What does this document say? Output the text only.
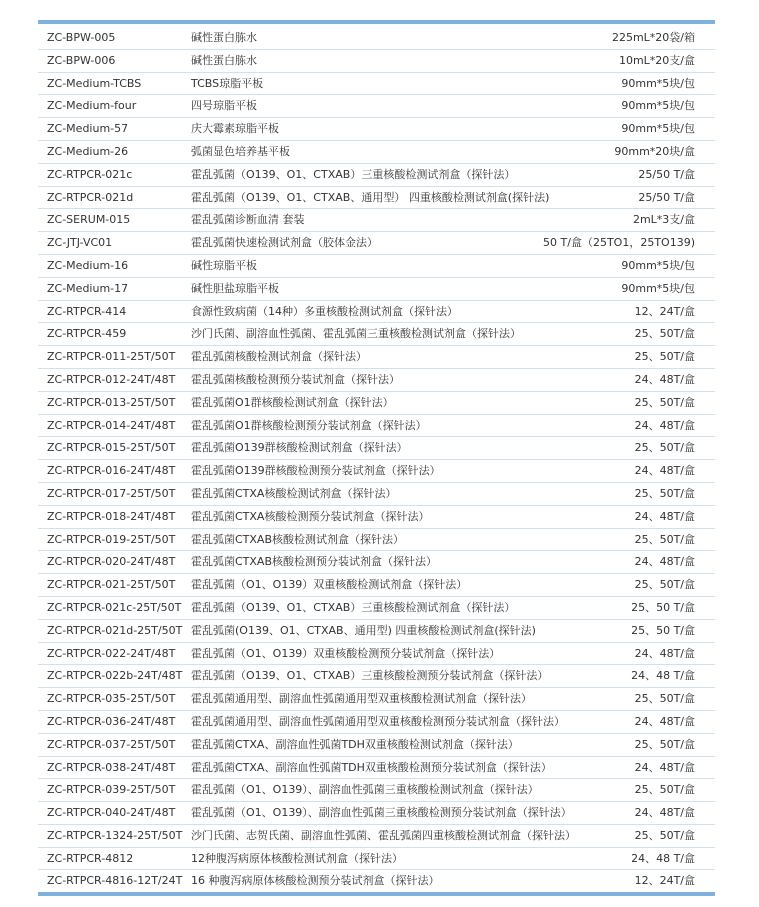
ZC-BPW-005	碱性蛋白胨水	225mL*20袋/箱
ZC-BPW-006	碱性蛋白胨水	10mL*20支/盒
ZC-Medium-TCBS	TCBS琼脂平板	90mm*5块/包
ZC-Medium-four	四号琼脂平板	90mm*5块/包
ZC-Medium-57	庆大霉素琼脂平板	90mm*5块/包
ZC-Medium-26	弧菌显色培养基平板	90mm*20块/盒
ZC-RTPCR-021c	霍乱弧菌（O139、O1、CTXAB）三重核酸检测试剂盒（探针法）	25/50 T/盒
ZC-RTPCR-021d	霍乱弧菌（O139、O1、CTXAB、通用型） 四重核酸检测试剂盒(探针法)	25/50 T/盒
ZC-SERUM-015	霍乱弧菌诊断血清 套装	2mL*3支/盒
ZC-JTJ-VC01	霍乱弧菌快速检测试剂盒（胶体金法）	50 T/盒（25TO1，25TO139)
ZC-Medium-16	碱性琼脂平板	90mm*5块/包
ZC-Medium-17	碱性胆盐琼脂平板	90mm*5块/包
ZC-RTPCR-414	食源性致病菌（14种）多重核酸检测试剂盒（探针法）	12、24T/盒
ZC-RTPCR-459	沙门氏菌、副溶血性弧菌、霍乱弧菌三重核酸检测试剂盒（探针法）	25、50T/盒
ZC-RTPCR-011-25T/50T 霍乱弧菌核酸检测试剂盒（探针法）	25、50T/盒
ZC-RTPCR-012-24T/48T 霍乱弧菌核酸检测预分装试剂盒（探针法）	24、48T/盒
ZC-RTPCR-013-25T/50T 霍乱弧菌O1群核酸检测试剂盒（探针法）	25、50T/盒
ZC-RTPCR-014-24T/48T 霍乱弧菌O1群核酸检测预分装试剂盒（探针法）	24、48T/盒
ZC-RTPCR-015-25T/50T 霍乱弧菌O139群核酸检测试剂盒（探针法）	25、50T/盒
ZC-RTPCR-016-24T/48T 霍乱弧菌O139群核酸检测预分装试剂盒（探针法）	24、48T/盒
ZC-RTPCR-017-25T/50T 霍乱弧菌CTXA核酸检测试剂盒（探针法）	25、50T/盒
ZC-RTPCR-018-24T/48T 霍乱弧菌CTXA核酸检测预分装试剂盒（探针法）	24、48T/盒
ZC-RTPCR-019-25T/50T 霍乱弧菌CTXAB核酸检测试剂盒（探针法）	25、50T/盒
ZC-RTPCR-020-24T/48T 霍乱弧菌CTXAB核酸检测预分装试剂盒（探针法）	24、48T/盒
ZC-RTPCR-021-25T/50T 霍乱弧菌（O1、O139）双重核酸检测试剂盒（探针法）	25、50T/盒
ZC-RTPCR-021c-25T/50T 霍乱弧菌（O139、O1、CTXAB）三重核酸检测试剂盒（探针法）	25、50 T/盒
ZC-RTPCR-021d-25T/50T 霍乱弧菌(O139、O1、CTXAB、通用型) 四重核酸检测试剂盒(探针法)	25、50 T/盒
ZC-RTPCR-022-24T/48T 霍乱弧菌（O1、O139）双重核酸检测预分装试剂盒（探针法）	24、48T/盒
ZC-RTPCR-022b-24T/48T 霍乱弧菌（O139、O1、CTXAB）三重核酸检测预分装试剂盒（探针法）	24、48 T/盒
ZC-RTPCR-035-25T/50T 霍乱弧菌通用型、副溶血性弧菌通用型双重核酸检测试剂盒（探针法）	25、50T/盒
ZC-RTPCR-036-24T/48T 霍乱弧菌通用型、副溶血性弧菌通用型双重核酸检测预分装试剂盒（探针法）	24、48T/盒
ZC-RTPCR-037-25T/50T 霍乱弧菌CTXA、副溶血性弧菌TDH双重核酸检测试剂盒（探针法）	25、50T/盒
ZC-RTPCR-038-24T/48T 霍乱弧菌CTXA、副溶血性弧菌TDH双重核酸检测预分装试剂盒（探针法）	24、48T/盒
ZC-RTPCR-039-25T/50T 霍乱弧菌（O1、O139）、副溶血性弧菌三重核酸检测试剂盒（探针法）	25、50T/盒
ZC-RTPCR-040-24T/48T 霍乱弧菌（O1、O139）、副溶血性弧菌三重核酸检测预分装试剂盒（探针法）	24、48T/盒
ZC-RTPCR-1324-25T/50T 沙门氏菌、志贺氏菌、副溶血性弧菌、霍乱弧菌四重核酸检测试剂盒（探针法）	25、50T/盒
ZC-RTPCR-4812	12种腹泻病原体核酸检测试剂盒（探针法）	24、48 T/盒
ZC-RTPCR-4816-12T/24T 16 种腹泻病原体核酸检测预分装试剂盒（探针法）	12、24T/盒
